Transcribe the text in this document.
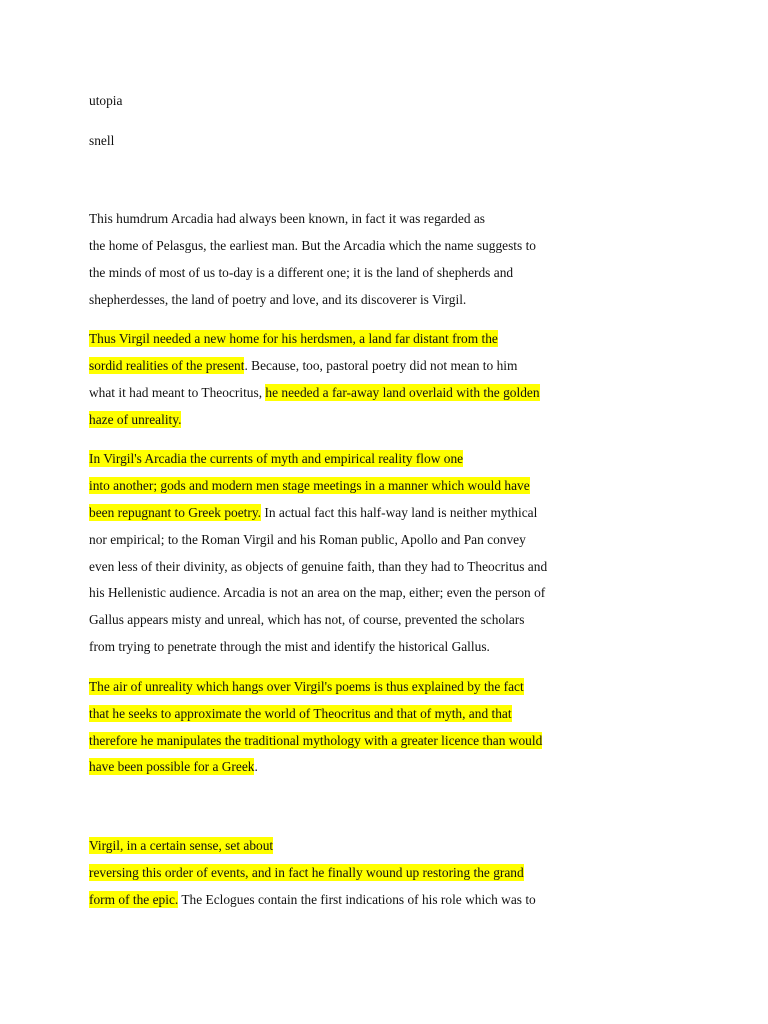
utopia
snell
This humdrum Arcadia had always been known, in fact it was regarded as
the home of Pelasgus, the earliest man. But the Arcadia which the name suggests to
the minds of most of us to-day is a different one; it is the land of shepherds and
shepherdesses, the land of poetry and love, and its discoverer is Virgil.
Thus Virgil needed a new home for his herdsmen, a land far distant from the
sordid realities of the present. Because, too, pastoral poetry did not mean to him
what it had meant to Theocritus, he needed a far-away land overlaid with the golden
haze of unreality.
In Virgil's Arcadia the currents of myth and empirical reality flow one
into another; gods and modern men stage meetings in a manner which would have
been repugnant to Greek poetry. In actual fact this half-way land is neither mythical
nor empirical; to the Roman Virgil and his Roman public, Apollo and Pan convey
even less of their divinity, as objects of genuine faith, than they had to Theocritus and
his Hellenistic audience. Arcadia is not an area on the map, either; even the person of
Gallus appears misty and unreal, which has not, of course, prevented the scholars
from trying to penetrate through the mist and identify the historical Gallus.
The air of unreality which hangs over Virgil's poems is thus explained by the fact
that he seeks to approximate the world of Theocritus and that of myth, and that
therefore he manipulates the traditional mythology with a greater licence than would
have been possible for a Greek.
Virgil, in a certain sense, set about
reversing this order of events, and in fact he finally wound up restoring the grand
form of the epic. The Eclogues contain the first indications of his role which was to
